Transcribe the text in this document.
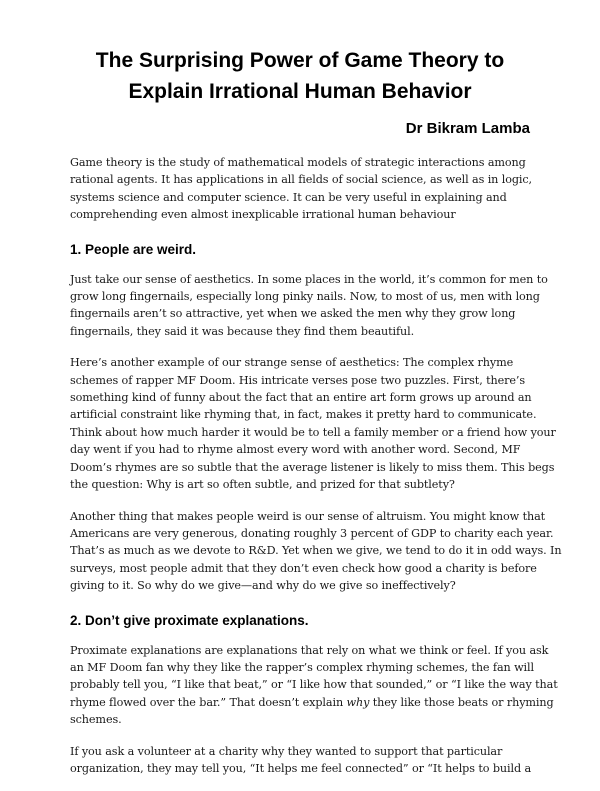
The Surprising Power of Game Theory to
Explain Irrational Human Behavior
Dr Bikram Lamba

Game theory is the study of mathematical models of strategic interactions among
rational agents. It has applications in all fields of social science, as well as in logic,
systems science and computer science. It can be very useful in explaining and
comprehending even almost inexplicable irrational human behaviour

1. People are weird.

Just take our sense of aesthetics. In some places in the world, it’s common for men to
grow long fingernails, especially long pinky nails. Now, to most of us, men with long
fingernails aren’t so attractive, yet when we asked the men why they grow long
fingernails, they said it was because they find them beautiful.

Here’s another example of our strange sense of aesthetics: The complex rhyme
schemes of rapper MF Doom. His intricate verses pose two puzzles. First, there’s
something kind of funny about the fact that an entire art form grows up around an
artificial constraint like rhyming that, in fact, makes it pretty hard to communicate.
Think about how much harder it would be to tell a family member or a friend how your
day went if you had to rhyme almost every word with another word. Second, MF
Doom’s rhymes are so subtle that the average listener is likely to miss them. This begs
the question: Why is art so often subtle, and prized for that subtlety?

Another thing that makes people weird is our sense of altruism. You might know that
Americans are very generous, donating roughly 3 percent of GDP to charity each year.
That’s as much as we devote to R&D. Yet when we give, we tend to do it in odd ways. In
surveys, most people admit that they don’t even check how good a charity is before
giving to it. So why do we give—and why do we give so ineffectively?

2. Don’t give proximate explanations.

Proximate explanations are explanations that rely on what we think or feel. If you ask
an MF Doom fan why they like the rapper’s complex rhyming schemes, the fan will
probably tell you, “I like that beat,” or “I like how that sounded,” or “I like the way that
rhyme flowed over the bar.” That doesn’t explain why they like those beats or rhyming
schemes.

If you ask a volunteer at a charity why they wanted to support that particular
organization, they may tell you, “It helps me feel connected” or “It helps to build a
